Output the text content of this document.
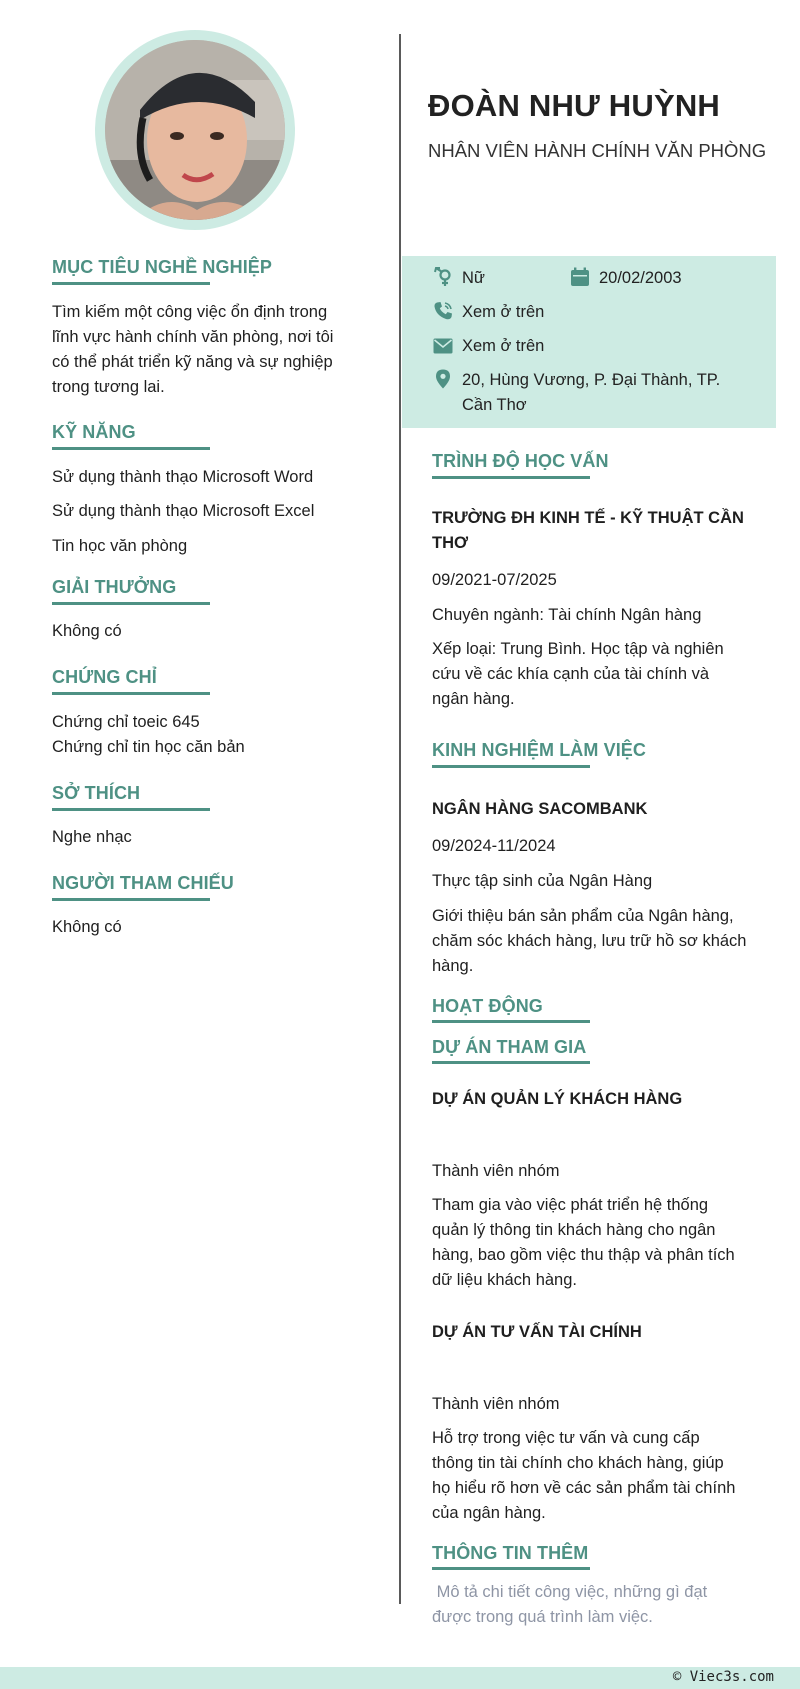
ĐOÀN NHƯ HUỲNH
NHÂN VIÊN HÀNH CHÍNH VĂN PHÒNG
Nữ	20/02/2003
Xem ở trên
Xem ở trên
20, Hùng Vương, P. Đại Thành, TP.
Cần Thơ
MỤC TIÊU NGHỀ NGHIỆP
Tìm kiếm một công việc ổn định trong
lĩnh vực hành chính văn phòng, nơi tôi
có thể phát triển kỹ năng và sự nghiệp
trong tương lai.
KỸ NĂNG
Sử dụng thành thạo Microsoft Word
Sử dụng thành thạo Microsoft Excel
Tin học văn phòng
GIẢI THƯỞNG
Không có
CHỨNG CHỈ
Chứng chỉ toeic 645
Chứng chỉ tin học căn bản
SỞ THÍCH
Nghe nhạc
NGƯỜI THAM CHIẾU
Không có
TRÌNH ĐỘ HỌC VẤN
TRƯỜNG ĐH KINH TẾ - KỸ THUẬT CẦN
THƠ
09/2021-07/2025
Chuyên ngành: Tài chính Ngân hàng
Xếp loại: Trung Bình. Học tập và nghiên
cứu về các khía cạnh của tài chính và
ngân hàng.
KINH NGHIỆM LÀM VIỆC
NGÂN HÀNG SACOMBANK
09/2024-11/2024
Thực tập sinh của Ngân Hàng
Giới thiệu bán sản phẩm của Ngân hàng,
chăm sóc khách hàng, lưu trữ hồ sơ khách
hàng.
HOẠT ĐỘNG
DỰ ÁN THAM GIA
DỰ ÁN QUẢN LÝ KHÁCH HÀNG
Thành viên nhóm
Tham gia vào việc phát triển hệ thống
quản lý thông tin khách hàng cho ngân
hàng, bao gồm việc thu thập và phân tích
dữ liệu khách hàng.
DỰ ÁN TƯ VẤN TÀI CHÍNH
Thành viên nhóm
Hỗ trợ trong việc tư vấn và cung cấp
thông tin tài chính cho khách hàng, giúp
họ hiểu rõ hơn về các sản phẩm tài chính
của ngân hàng.
THÔNG TIN THÊM
Mô tả chi tiết công việc, những gì đạt
được trong quá trình làm việc.
© Viec3s.com
